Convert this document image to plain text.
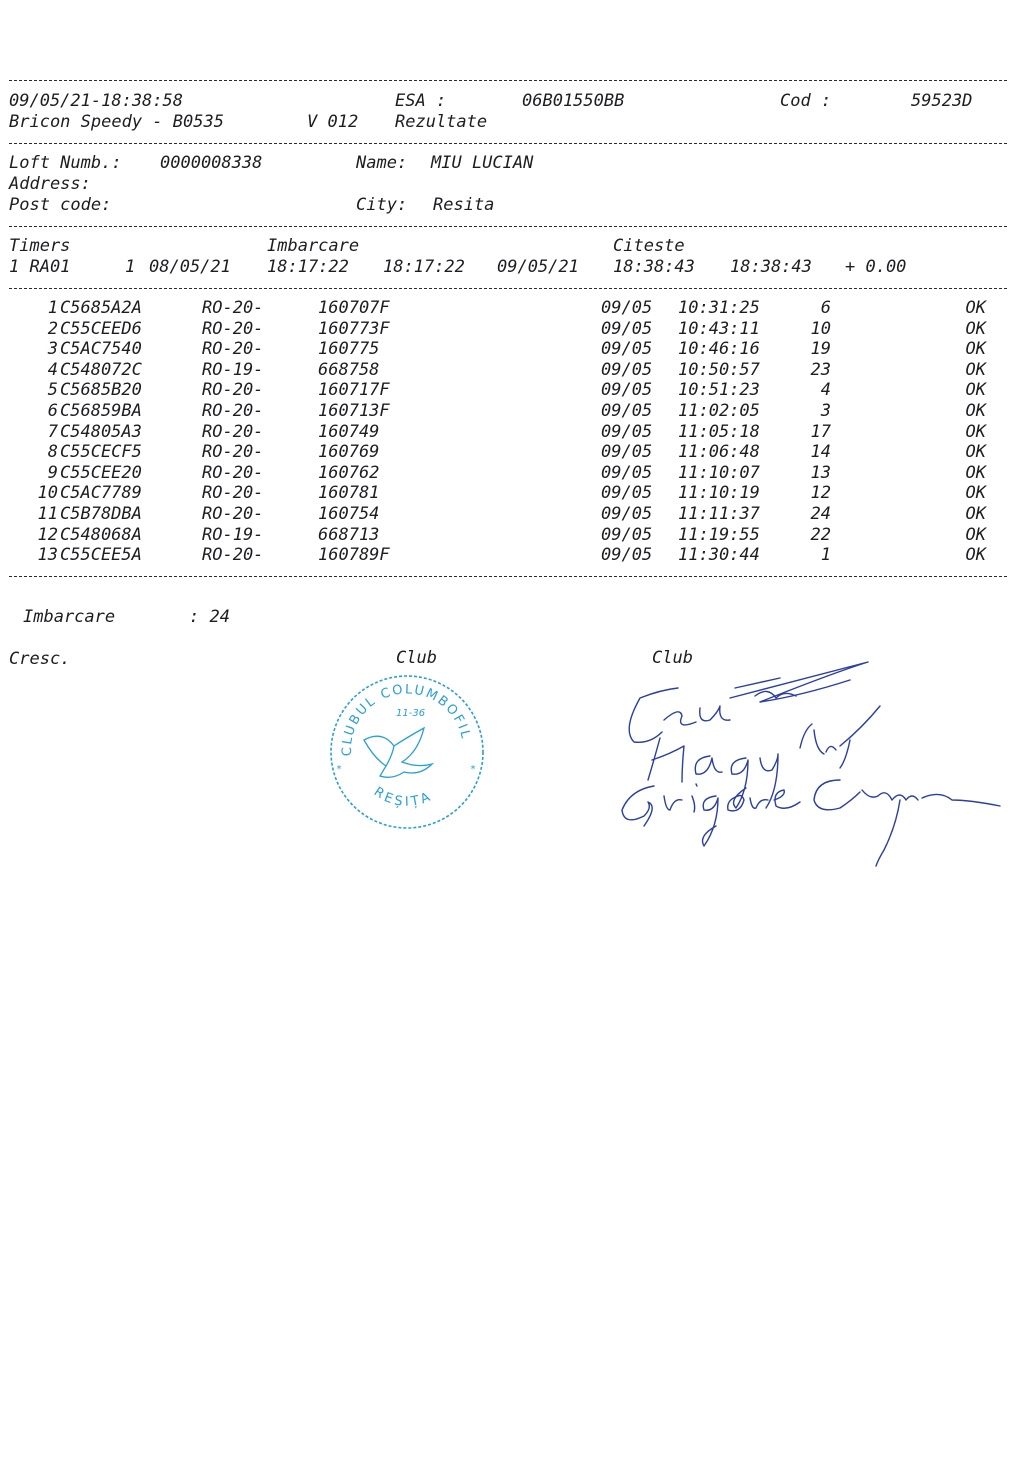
09/05/21-18:38:58	ESA :	06B01550BB	Cod :	59523D
Bricon Speedy - B0535	V 012 Rezultate
Loft Numb.: 0000008338	Name: MIU LUCIAN
Address:
Post code:	City: Resita
Timers	Imbarcare	Citeste
1 RA01	1 08/05/21 18:17:22 18:17:22 09/05/21 18:38:43 18:38:43 + 0.00
1 C5685A2A	RO-20-	160707F	09/05 10:31:25	6	OK
2 C55CEED6	RO-20-	160773F	09/05 10:43:11	10	OK
3 C5AC7540	RO-20-	160775	09/05 10:46:16	19	OK
4 C548072C	RO-19-	668758	09/05 10:50:57	23	OK
5 C5685B20	RO-20-	160717F	09/05 10:51:23	4	OK
6 C56859BA	RO-20-	160713F	09/05 11:02:05	3	OK
7 C54805A3	RO-20-	160749	09/05 11:05:18	17	OK
8 C55CECF5	RO-20-	160769	09/05 11:06:48	14	OK
9 C55CEE20	RO-20-	160762	09/05 11:10:07	13	OK
10 C5AC7789	RO-20-	160781	09/05 11:10:19	12	OK
11 C5B78DBA	RO-20-	160754	09/05 11:11:37	24	OK
12 C548068A	RO-19-	668713	09/05 11:19:55	22	OK
13 C55CEE5A	RO-20-	160789F	09/05 11:30:44	1	OK
Imbarcare	: 24
Cresc.	Club	Club
CLUBUL COLUMBOFIL
REȘIȚA
11-36
*	*
Leu Nagy Grigore
